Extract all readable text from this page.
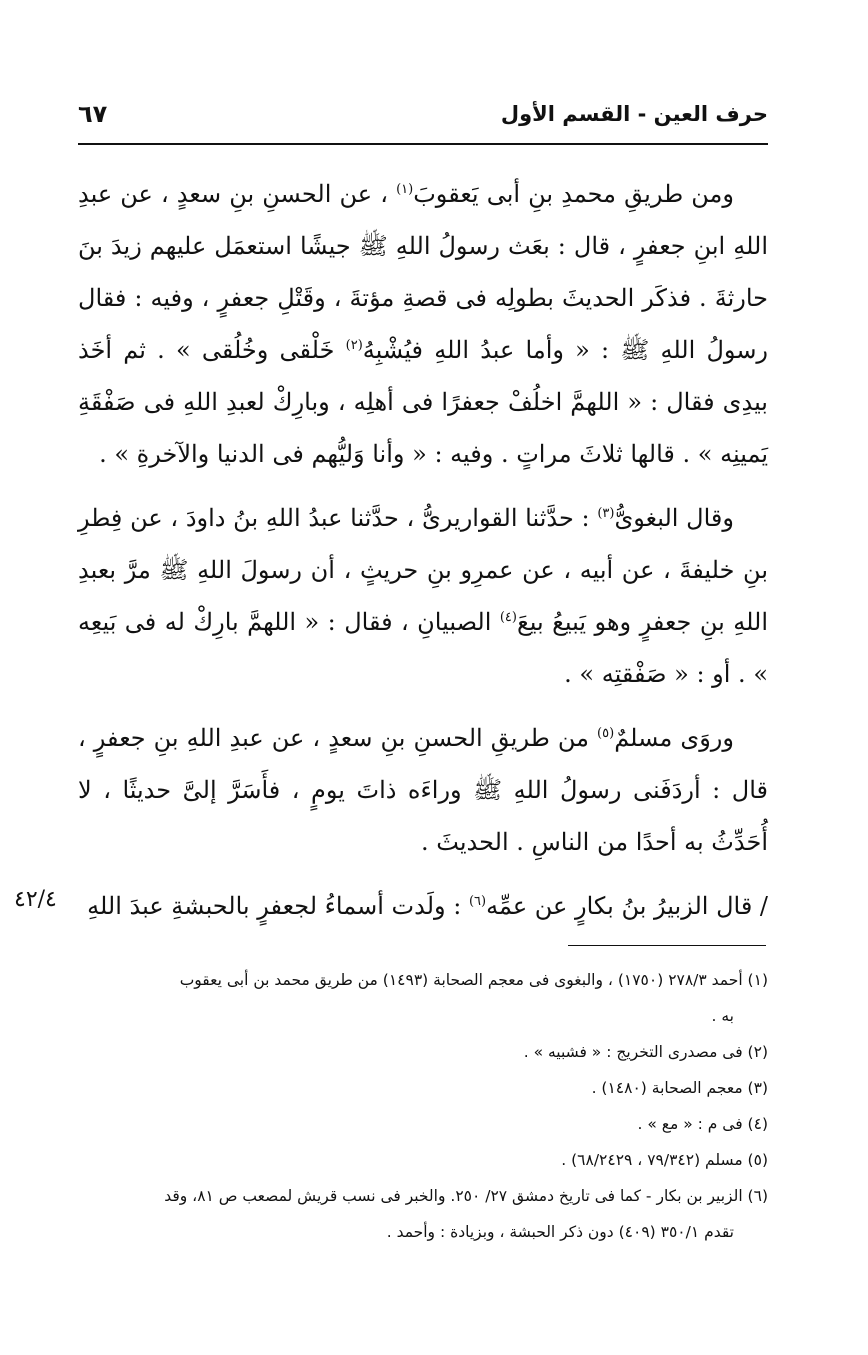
حرف العين - القسم الأول
٦٧

ومن طريقِ محمدِ بنِ أبى يَعقوبَ$^{(١)}$ ، عن الحسنِ بنِ سعدٍ ، عن عبدِ اللهِ ابنِ جعفرٍ ، قال : بعَث رسولُ اللهِ ﷺ جيشًا استعمَل عليهم زيدَ بنَ حارثةَ . فذكَر الحديثَ بطولِه فى قصةِ مؤتةَ ، وقَتْلِ جعفرٍ ، وفيه : فقال رسولُ اللهِ ﷺ : « وأما عبدُ اللهِ فيُشْبِهُ$^{(٢)}$ خَلْقى وخُلُقى » . ثم أخَذ بيدِى فقال : « اللهمَّ اخلُفْ جعفرًا فى أهلِه ، وبارِكْ لعبدِ اللهِ فى صَفْقَةِ يَمينِه » . قالها ثلاثَ مراتٍ . وفيه : « وأنا وَليُّهم فى الدنيا والآخرةِ » .

وقال البغوىُّ$^{(٣)}$ : حدَّثنا القواريرىُّ ، حدَّثنا عبدُ اللهِ بنُ داودَ ، عن فِطرِ بنِ خليفةَ ، عن أبيه ، عن عمرِو بنِ حريثٍ ، أن رسولَ اللهِ ﷺ مرَّ بعبدِ اللهِ بنِ جعفرٍ وهو يَبيعُ بيعَ$^{(٤)}$ الصبيانِ ، فقال : « اللهمَّ بارِكْ له فى بَيعِه » . أو : « صَفْقتِه » .

وروَى مسلمٌ$^{(٥)}$ من طريقِ الحسنِ بنِ سعدٍ ، عن عبدِ اللهِ بنِ جعفرٍ ، قال : أردَفَنى رسولُ اللهِ ﷺ وراءَه ذاتَ يومٍ ، فأَسَرَّ إلىَّ حديثًا ، لا أُحَدِّثُ به أحدًا من الناسِ . الحديثَ .

/ قال الزبيرُ بنُ بكارٍ عن عمِّه$^{(٦)}$ : ولَدت أسماءُ لجعفرٍ بالحبشةِ عبدَ اللهِ

٤٢/٤
(١) أحمد ٢٧٨/٣ (١٧٥٠) ، والبغوى فى معجم الصحابة (١٤٩٣) من طريق محمد بن أبى يعقوب
به .
(٢) فى مصدرى التخريج : « فشبيه » .
(٣) معجم الصحابة (١٤٨٠) .
(٤) فى م : « مع » .
(٥) مسلم (٧٩/٣٤٢ ، ٦٨/٢٤٢٩) .
(٦) الزبير بن بكار - كما فى تاريخ دمشق ٢٧/ ٢٥٠. والخبر فى نسب قريش لمصعب ص ٨١، وقد
تقدم ٣٥٠/١ (٤٠٩) دون ذكر الحبشة ، وبزيادة : وأحمد .
